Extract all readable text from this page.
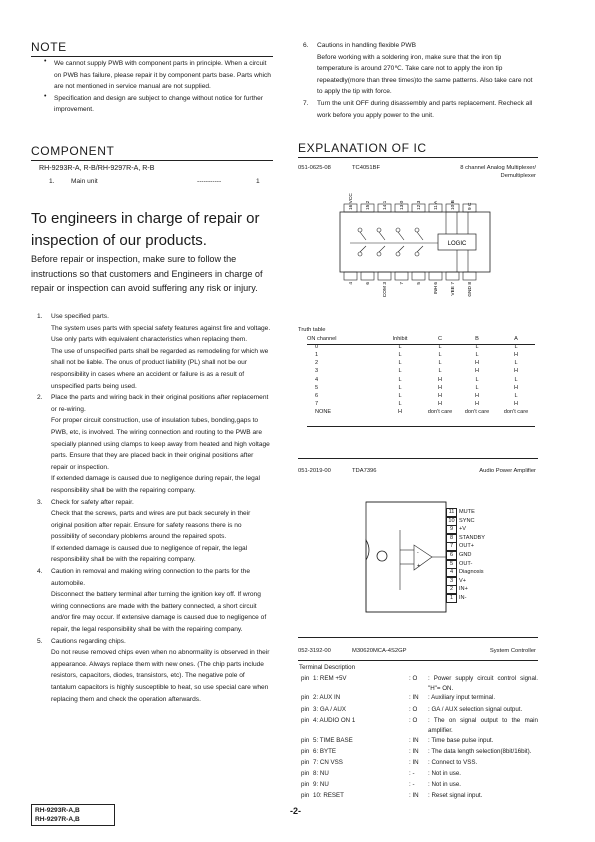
NOTE
• We cannot supply PWB with component parts in principle. When a circuit on PWB has failure, please repair it by component parts base. Parts which are not mentioned in service manual are not supplied.
• Specification and design are subject to change without notice for further improvement.
COMPONENT
RH-9293R-A, R-B/RH-9297R-A, R-B
1.	Main unit	-----------	1
To engineers in charge of repair or inspection of our products.
Before repair or inspection, make sure to follow the instructions so that customers and Engineers in charge of repair or inspection can avoid suffering any risk or injury.
1. Use specified parts.
The system uses parts with special safety features against fire and voltage. Use only parts with equivalent characteristics when replacing them.
The use of unspecified parts shall be regarded as remodeling for which we shall not be liable. The onus of product liability (PL) shall not be our responsibility in cases where an accident or failure is as a result of unspecified parts being used.
2. Place the parts and wiring back in their original positions after replacement or re-wiring.
For proper circuit construction, use of insulation tubes, bonding,gaps to PWB, etc, is involved. The wiring connection and routing to the PWB are specially planned using clamps to keep away from heated and high voltage parts. Ensure that they are placed back in their original positions after repair or inspection.
If extended damage is caused due to negligence during repair, the legal responsibility shall be with the repairing company.
3. Check for safety after repair.
Check that the screws, parts and wires are put back securely in their original position after repair. Ensure for safety reasons there is no possibility of secondary ploblems around the repaired spots.
If extended damage is caused due to negligence of repair, the legal responsibility shall be with the repairing company.
4. Caution in removal and making wiring connection to the parts for the automobile.
Disconnect the battery terminal after turning the ignition key off. If wrong wiring connections are made with the battery connected, a short circuit and/or fire may occur. If extensive damage is caused due to negligence of repair, the legal responsibility shall be with the repairing company.
5. Cautions regarding chips.
Do not reuse removed chips even when no abnormality is observed in their appearance. Always replace them with new ones. (The chip parts include resistors, capacitors, diodes, transistors, etc). The negative pole of tantalum capacitors is highly susceptible to heat, so use special care when replacing them and check the operation afterwards.
6. Cautions in handling flexible PWB
Before working with a soldering iron, make sure that the iron tip temperature is around 270℃. Take care not to apply the iron tip repeatedly(more than three times)to the same patterns. Also take care not to apply the tip with force.
7. Turn the unit OFF during disassembly and parts replacement. Recheck all work before you apply power to the unit.
EXPLANATION OF IC
051-0625-08	TC4051BF	8 channel Analog Multiplexer/
Demultiplexer
16 VCC	15 2	14 1	13 0	12 3	11 A	10 B	9 C
4	6	COM 3	7	5	INH 6	VEE 7	GND 8
LOGIC
Truth table
ON channel	Inhibit	C	B	A
0	L	L	L	L
1	L	L	L	H
2	L	L	H	L
3	L	L	H	H
4	L	H	L	L
5	L	H	L	H
6	L	H	H	L
7	L	H	H	H
NONE	H	don't care	don't care	don't care
051-2019-00	TDA7396	Audio Power Amplifier
-
+
11 MUTE
10 SYNC
9 +V
8 STANDBY
7 OUT+
6 GND
5 OUT-
4 Diagnosis
3 V+
2 IN+
1 IN-
052-3192-00	M30620MCA-4S2GP	System Controller
Terminal Description
pin 1: REM +5V	: O	: Power supply circuit control signal. "H"= ON.
pin 2: AUX IN	: IN	: Auxiliary input terminal.
pin 3: GA / AUX	: O	: GA / AUX selection signal output.
pin 4: AUDIO ON 1	: O	: The on signal output to the main amplifier.
pin 5: TIME BASE	: IN	: Time base pulse input.
pin 6: BYTE	: IN	: The data length selection(8bit/16bit).
pin 7: CN VSS	: IN	: Connect to VSS.
pin 8: NU	: -	: Not in use.
pin 9: NU	: -	: Not in use.
pin 10: RESET	: IN	: Reset signal input.
RH-9293R-A,B
RH-9297R-A,B
-2-
